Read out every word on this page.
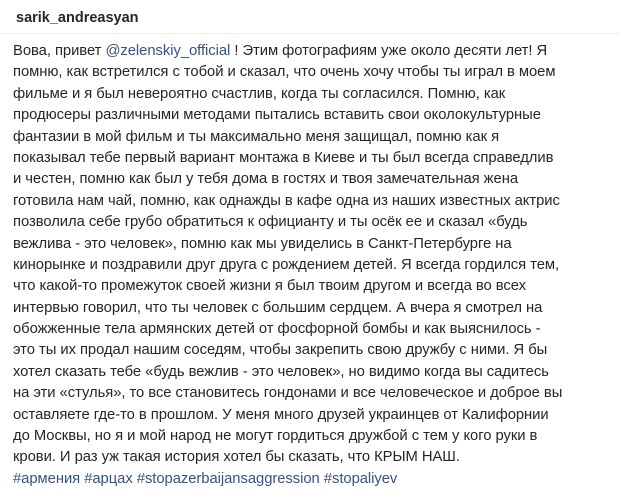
sarik_andreasyan
Вова, привет @zelenskiy_official ! Этим фотографиям уже около десяти лет! Я
помню, как встретился с тобой и сказал, что очень хочу чтобы ты играл в моем
фильме и я был невероятно счастлив, когда ты согласился. Помню, как
продюсеры различными методами пытались вставить свои околокультурные
фантазии в мой фильм и ты максимально меня защищал, помню как я
показывал тебе первый вариант монтажа в Киеве и ты был всегда справедлив
и честен, помню как был у тебя дома в гостях и твоя замечательная жена
готовила нам чай, помню, как однажды в кафе одна из наших известных актрис
позволила себе грубо обратиться к официанту и ты осёк ее и сказал «будь
вежлива - это человек», помню как мы увиделись в Санкт-Петербурге на
кинорынке и поздравили друг друга с рождением детей. Я всегда гордился тем,
что какой-то промежуток своей жизни я был твоим другом и всегда во всех
интервью говорил, что ты человек с большим сердцем. А вчера я смотрел на
обожженные тела армянских детей от фосфорной бомбы и как выяснилось -
это ты их продал нашим соседям, чтобы закрепить свою дружбу с ними. Я бы
хотел сказать тебе «будь вежлив - это человек», но видимо когда вы садитесь
на эти «стулья», то все становитесь гондонами и все человеческое и доброе вы
оставляете где-то в прошлом. У меня много друзей украинцев от Калифорнии
до Москвы, но я и мой народ не могут гордиться дружбой с тем у кого руки в
крови. И раз уж такая история хотел бы сказать, что КРЫМ НАШ.
#армения #арцах #stopazerbaijansaggression #stopaliyev
